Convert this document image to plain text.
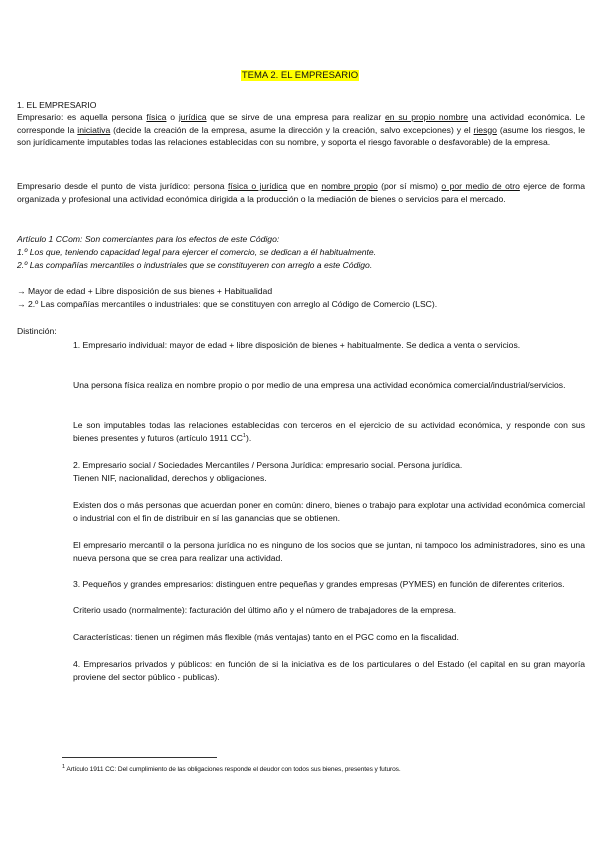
TEMA 2. EL EMPRESARIO
1. EL EMPRESARIO
Empresario: es aquella persona física o jurídica que se sirve de una empresa para realizar en su propio nombre una actividad económica. Le corresponde la iniciativa (decide la creación de la empresa, asume la dirección y la creación, salvo excepciones) y el riesgo (asume los riesgos, le son jurídicamente imputables todas las relaciones establecidas con su nombre, y soporta el riesgo favorable o desfavorable) de la empresa.
Empresario desde el punto de vista jurídico: persona física o jurídica que en nombre propio (por sí mismo) o por medio de otro ejerce de forma organizada y profesional una actividad económica dirigida a la producción o la mediación de bienes o servicios para el mercado.
Artículo 1 CCom: Son comerciantes para los efectos de este Código:
1.º Los que, teniendo capacidad legal para ejercer el comercio, se dedican a él habitualmente.
2.º Las compañías mercantiles o industriales que se constituyeren con arreglo a este Código.
→ Mayor de edad + Libre disposición de sus bienes + Habitualidad
→ 2.º Las compañías mercantiles o industriales: que se constituyen con arreglo al Código de Comercio (LSC).
Distinción:
1. Empresario individual: mayor de edad + libre disposición de bienes + habitualmente. Se dedica a venta o servicios.
Una persona física realiza en nombre propio o por medio de una empresa una actividad económica comercial/industrial/servicios.
Le son imputables todas las relaciones establecidas con terceros en el ejercicio de su actividad económica, y responde con sus bienes presentes y futuros (artículo 1911 $CC^1$).
2. Empresario social / Sociedades Mercantiles / Persona Jurídica: empresario social. Persona jurídica.
Tienen NIF, nacionalidad, derechos y obligaciones.
Existen dos o más personas que acuerdan poner en común: dinero, bienes o trabajo para explotar una actividad económica comercial o industrial con el fin de distribuir en sí las ganancias que se obtienen.
El empresario mercantil o la persona jurídica no es ninguno de los socios que se juntan, ni tampoco los administradores, sino es una nueva persona que se crea para realizar una actividad.
3. Pequeños y grandes empresarios: distinguen entre pequeñas y grandes empresas (PYMES) en función de diferentes criterios.
Criterio usado (normalmente): facturación del último año y el número de trabajadores de la empresa.
Características: tienen un régimen más flexible (más ventajas) tanto en el PGC como en la fiscalidad.
4. Empresarios privados y públicos: en función de si la iniciativa es de los particulares o del Estado (el capital en su gran mayoría proviene del sector público - publicas).
$^1$ Artículo 1911 CC: Del cumplimiento de las obligaciones responde el deudor con todos sus bienes, presentes y futuros.
